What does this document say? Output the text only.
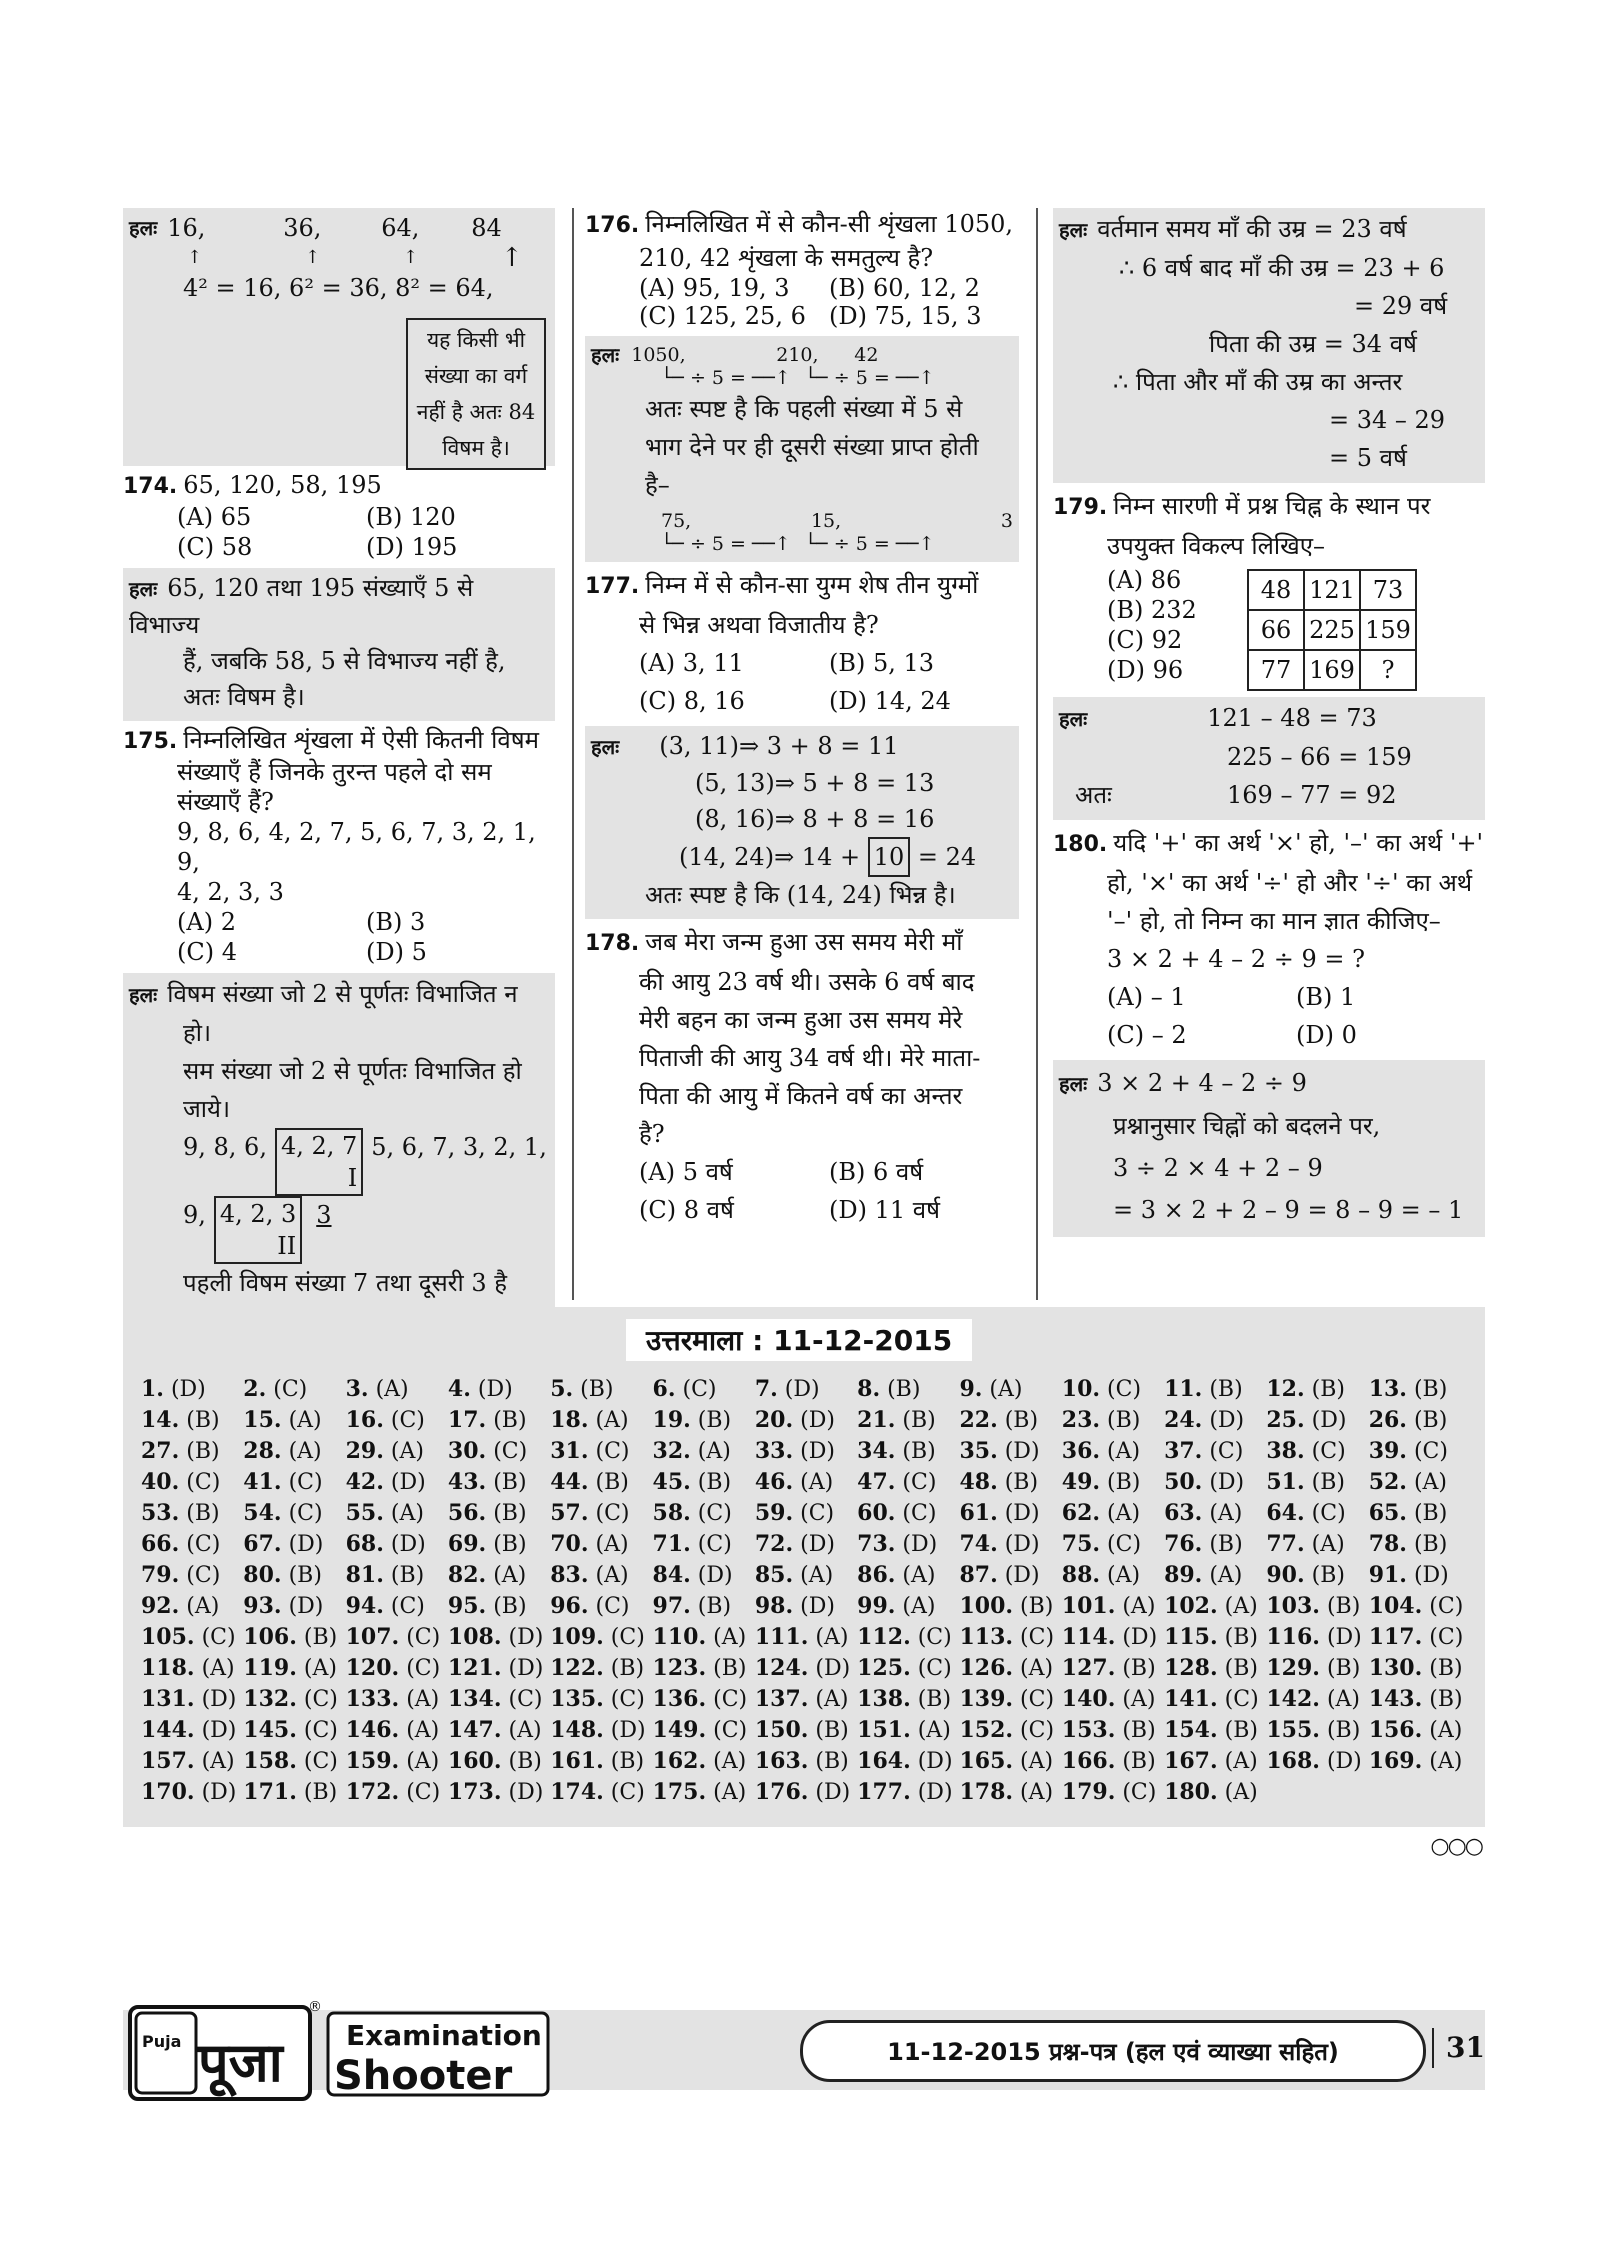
हलः 16,	36,	64,	84
↑	↑	↑	↑
4² = 16, 6² = 36, 8² = 64,
यह किसी भी
संख्या का वर्ग
नहीं है अतः 84
विषम है।
174. 65, 120, 58, 195
(A) 65	(B) 120
(C) 58	(D) 195
हलः 65, 120 तथा 195 संख्याएँ 5 से विभाज्य
हैं, जबकि 58, 5 से विभाज्य नहीं है,
अतः विषम है।
175. निम्नलिखित शृंखला में ऐसी कितनी विषम
संख्याएँ हैं जिनके तुरन्त पहले दो सम
संख्याएँ हैं?
9, 8, 6, 4, 2, 7, 5, 6, 7, 3, 2, 1, 9,
4, 2, 3, 3
(A) 2	(B) 3
(C) 4	(D) 5
हलः विषम संख्या जो 2 से पूर्णतः विभाजित न
हो।
सम संख्या जो 2 से पूर्णतः विभाजित हो
जाये।
9, 8, 6, 4, 2, 7
I
5, 6, 7, 3, 2, 1,
9, 4, 2, 3
II
3
पहली विषम संख्या 7 तथा दूसरी 3 है
176. निम्नलिखित में से कौन-सी शृंखला 1050,
210, 42 शृंखला के समतुल्य है?
(A) 95, 19, 3	(B) 60, 12, 2
(C) 125, 25, 6 (D) 75, 15, 3
हलः 1050,	210,	42
└─ ÷ 5 = ──↑ └─ ÷ 5 = ──↑
अतः स्पष्ट है कि पहली संख्या में 5 से
भाग देने पर ही दूसरी संख्या प्राप्त होती
है–
75,	15,	3
└─ ÷ 5 = ──↑ └─ ÷ 5 = ──↑
177. निम्न में से कौन-सा युग्म शेष तीन युग्मों
से भिन्न अथवा विजातीय है?
(A) 3, 11	(B) 5, 13
(C) 8, 16	(D) 14, 24
हलः (3, 11)⇒ 3 + 8 = 11
(5, 13)⇒ 5 + 8 = 13
(8, 16)⇒ 8 + 8 = 16
(14, 24)⇒ 14 + 10 = 24
अतः स्पष्ट है कि (14, 24) भिन्न है।
178. जब मेरा जन्म हुआ उस समय मेरी माँ
की आयु 23 वर्ष थी। उसके 6 वर्ष बाद
मेरी बहन का जन्म हुआ उस समय मेरे
पिताजी की आयु 34 वर्ष थी। मेरे माता-
पिता की आयु में कितने वर्ष का अन्तर
है?
(A) 5 वर्ष	(B) 6 वर्ष
(C) 8 वर्ष	(D) 11 वर्ष
हलः वर्तमान समय माँ की उम्र = 23 वर्ष
∴ 6 वर्ष बाद माँ की उम्र = 23 + 6
= 29 वर्ष
पिता की उम्र = 34 वर्ष
∴ पिता और माँ की उम्र का अन्तर
= 34 – 29
= 5 वर्ष
179. निम्न सारणी में प्रश्न चिह्न के स्थान पर
उपयुक्त विकल्प लिखिए–
(A) 86
(B) 232
(C) 92
(D) 96
48	121	73
66	225	159
77	169	?
हलः	121 – 48 = 73
225 – 66 = 159
अतः	169 – 77 = 92
180. यदि '+' का अर्थ '×' हो, '–' का अर्थ '+'
हो, '×' का अर्थ '÷' हो और '÷' का अर्थ
'–' हो, तो निम्न का मान ज्ञात कीजिए–
3 × 2 + 4 – 2 ÷ 9 = ?
(A) – 1	(B) 1
(C) – 2	(D) 0
हलः 3 × 2 + 4 – 2 ÷ 9
प्रश्नानुसार चिह्नों को बदलने पर,
3 ÷ 2 × 4 + 2 – 9
= 3 × 2 + 2 – 9 = 8 – 9 = – 1
उत्तरमाला : 11-12-2015
1. (D)	2. (C)	3. (A)	4. (D)	5. (B)	6. (C)	7. (D)	8. (B)	9. (A)	10. (C)	11. (B)	12. (B)	13. (B)
14. (B)	15. (A)	16. (C)	17. (B)	18. (A)	19. (B)	20. (D)	21. (B)	22. (B)	23. (B)	24. (D)	25. (D)	26. (B)
27. (B)	28. (A)	29. (A)	30. (C)	31. (C)	32. (A)	33. (D)	34. (B)	35. (D)	36. (A)	37. (C)	38. (C)	39. (C)
40. (C)	41. (C)	42. (D)	43. (B)	44. (B)	45. (B)	46. (A)	47. (C)	48. (B)	49. (B)	50. (D)	51. (B)	52. (A)
53. (B)	54. (C)	55. (A)	56. (B)	57. (C)	58. (C)	59. (C)	60. (C)	61. (D)	62. (A)	63. (A)	64. (C)	65. (B)
66. (C)	67. (D)	68. (D)	69. (B)	70. (A)	71. (C)	72. (D)	73. (D)	74. (D)	75. (C)	76. (B)	77. (A)	78. (B)
79. (C)	80. (B)	81. (B)	82. (A)	83. (A)	84. (D)	85. (A)	86. (A)	87. (D)	88. (A)	89. (A)	90. (B)	91. (D)
92. (A)	93. (D)	94. (C)	95. (B)	96. (C)	97. (B)	98. (D)	99. (A)	100. (B) 101. (A) 102. (A) 103. (B) 104. (C)
105. (C) 106. (B) 107. (C) 108. (D) 109. (C) 110. (A) 111. (A) 112. (C) 113. (C) 114. (D) 115. (B) 116. (D) 117. (C)
118. (A) 119. (A) 120. (C) 121. (D) 122. (B) 123. (B) 124. (D) 125. (C) 126. (A) 127. (B) 128. (B) 129. (B) 130. (B)
131. (D) 132. (C) 133. (A) 134. (C) 135. (C) 136. (C) 137. (A) 138. (B) 139. (C) 140. (A) 141. (C) 142. (A) 143. (B)
144. (D) 145. (C) 146. (A) 147. (A) 148. (D) 149. (C) 150. (B) 151. (A) 152. (C) 153. (B) 154. (B) 155. (B) 156. (A)
157. (A) 158. (C) 159. (A) 160. (B) 161. (B) 162. (A) 163. (B) 164. (D) 165. (A) 166. (B) 167. (A) 168. (D) 169. (A)
170. (D) 171. (B) 172. (C) 173. (D) 174. (C) 175. (A) 176. (D) 177. (D) 178. (A) 179. (C) 180. (A)
○○○
®
Puja पूजा Examination
Shooter
11-12-2015 प्रश्न-पत्र (हल एवं व्याख्या सहित)	31
